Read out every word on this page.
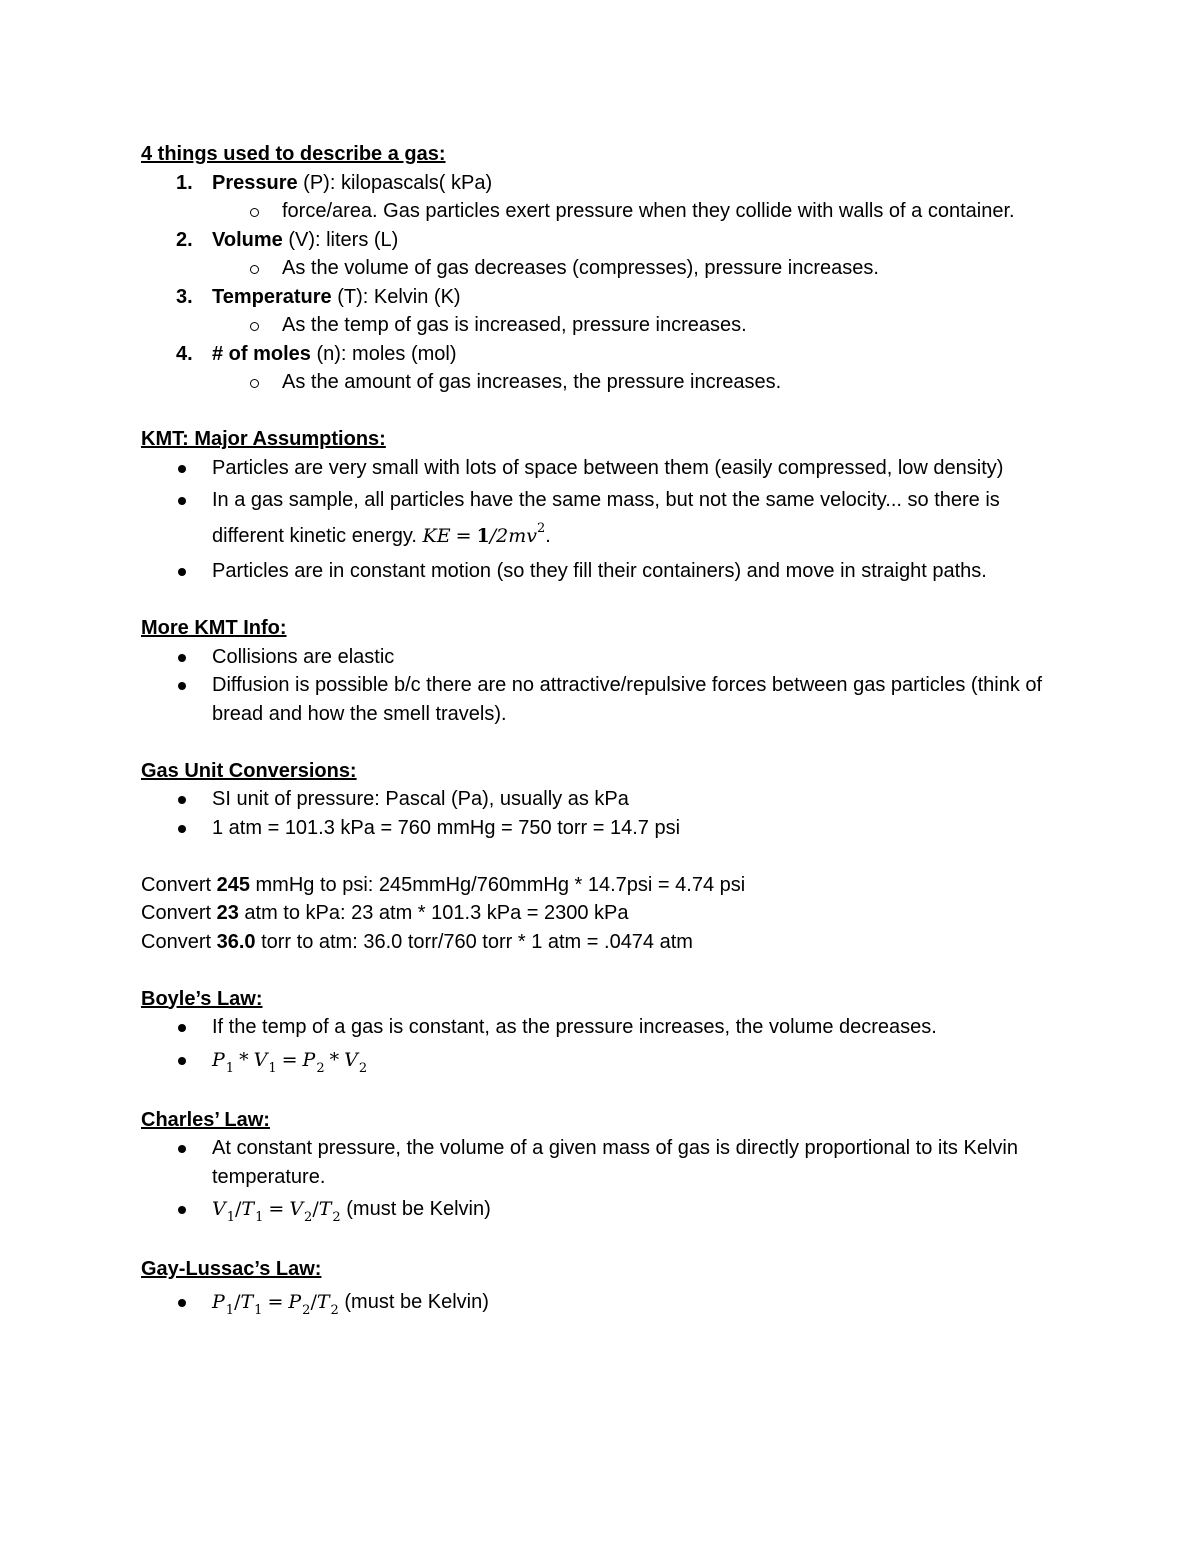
4 things used to describe a gas:

1. Pressure (P): kilopascals( kPa)
force/area. Gas particles exert pressure when they collide with walls of a container.
2. Volume (V): liters (L)
As the volume of gas decreases (compresses), pressure increases.
3. Temperature (T): Kelvin (K)
As the temp of gas is increased, pressure increases.
4. # of moles (n): moles (mol)
As the amount of gas increases, the pressure increases.

KMT: Major Assumptions:

Particles are very small with lots of space between them (easily compressed, low density)
In a gas sample, all particles have the same mass, but not the same velocity... so there is different kinetic energy. KE = $1/2mv^2$.
Particles are in constant motion (so they fill their containers) and move in straight paths.

More KMT Info:

Collisions are elastic
Diffusion is possible b/c there are no attractive/repulsive forces between gas particles (think of bread and how the smell travels).

Gas Unit Conversions:

SI unit of pressure: Pascal (Pa), usually as kPa
1 atm = 101.3 kPa = 760 mmHg = 750 torr = 14.7 psi

Convert 245 mmHg to psi: 245mmHg/760mmHg * 14.7psi = 4.74 psi

Convert 23 atm to kPa: 23 atm * 101.3 kPa = 2300 kPa

Convert 36.0 torr to atm: 36.0 torr/760 torr * 1 atm = .0474 atm

Boyle’s Law:

If the temp of a gas is constant, as the pressure increases, the volume decreases.
$P_1 * V_1 = P_2 * V_2$

Charles’ Law:

At constant pressure, the volume of a given mass of gas is directly proportional to its Kelvin temperature.
$V_1/T_1 = V_2/T_2$ (must be Kelvin)

Gay-Lussac’s Law:

$P_1/T_1 = P_2/T_2$ (must be Kelvin)
